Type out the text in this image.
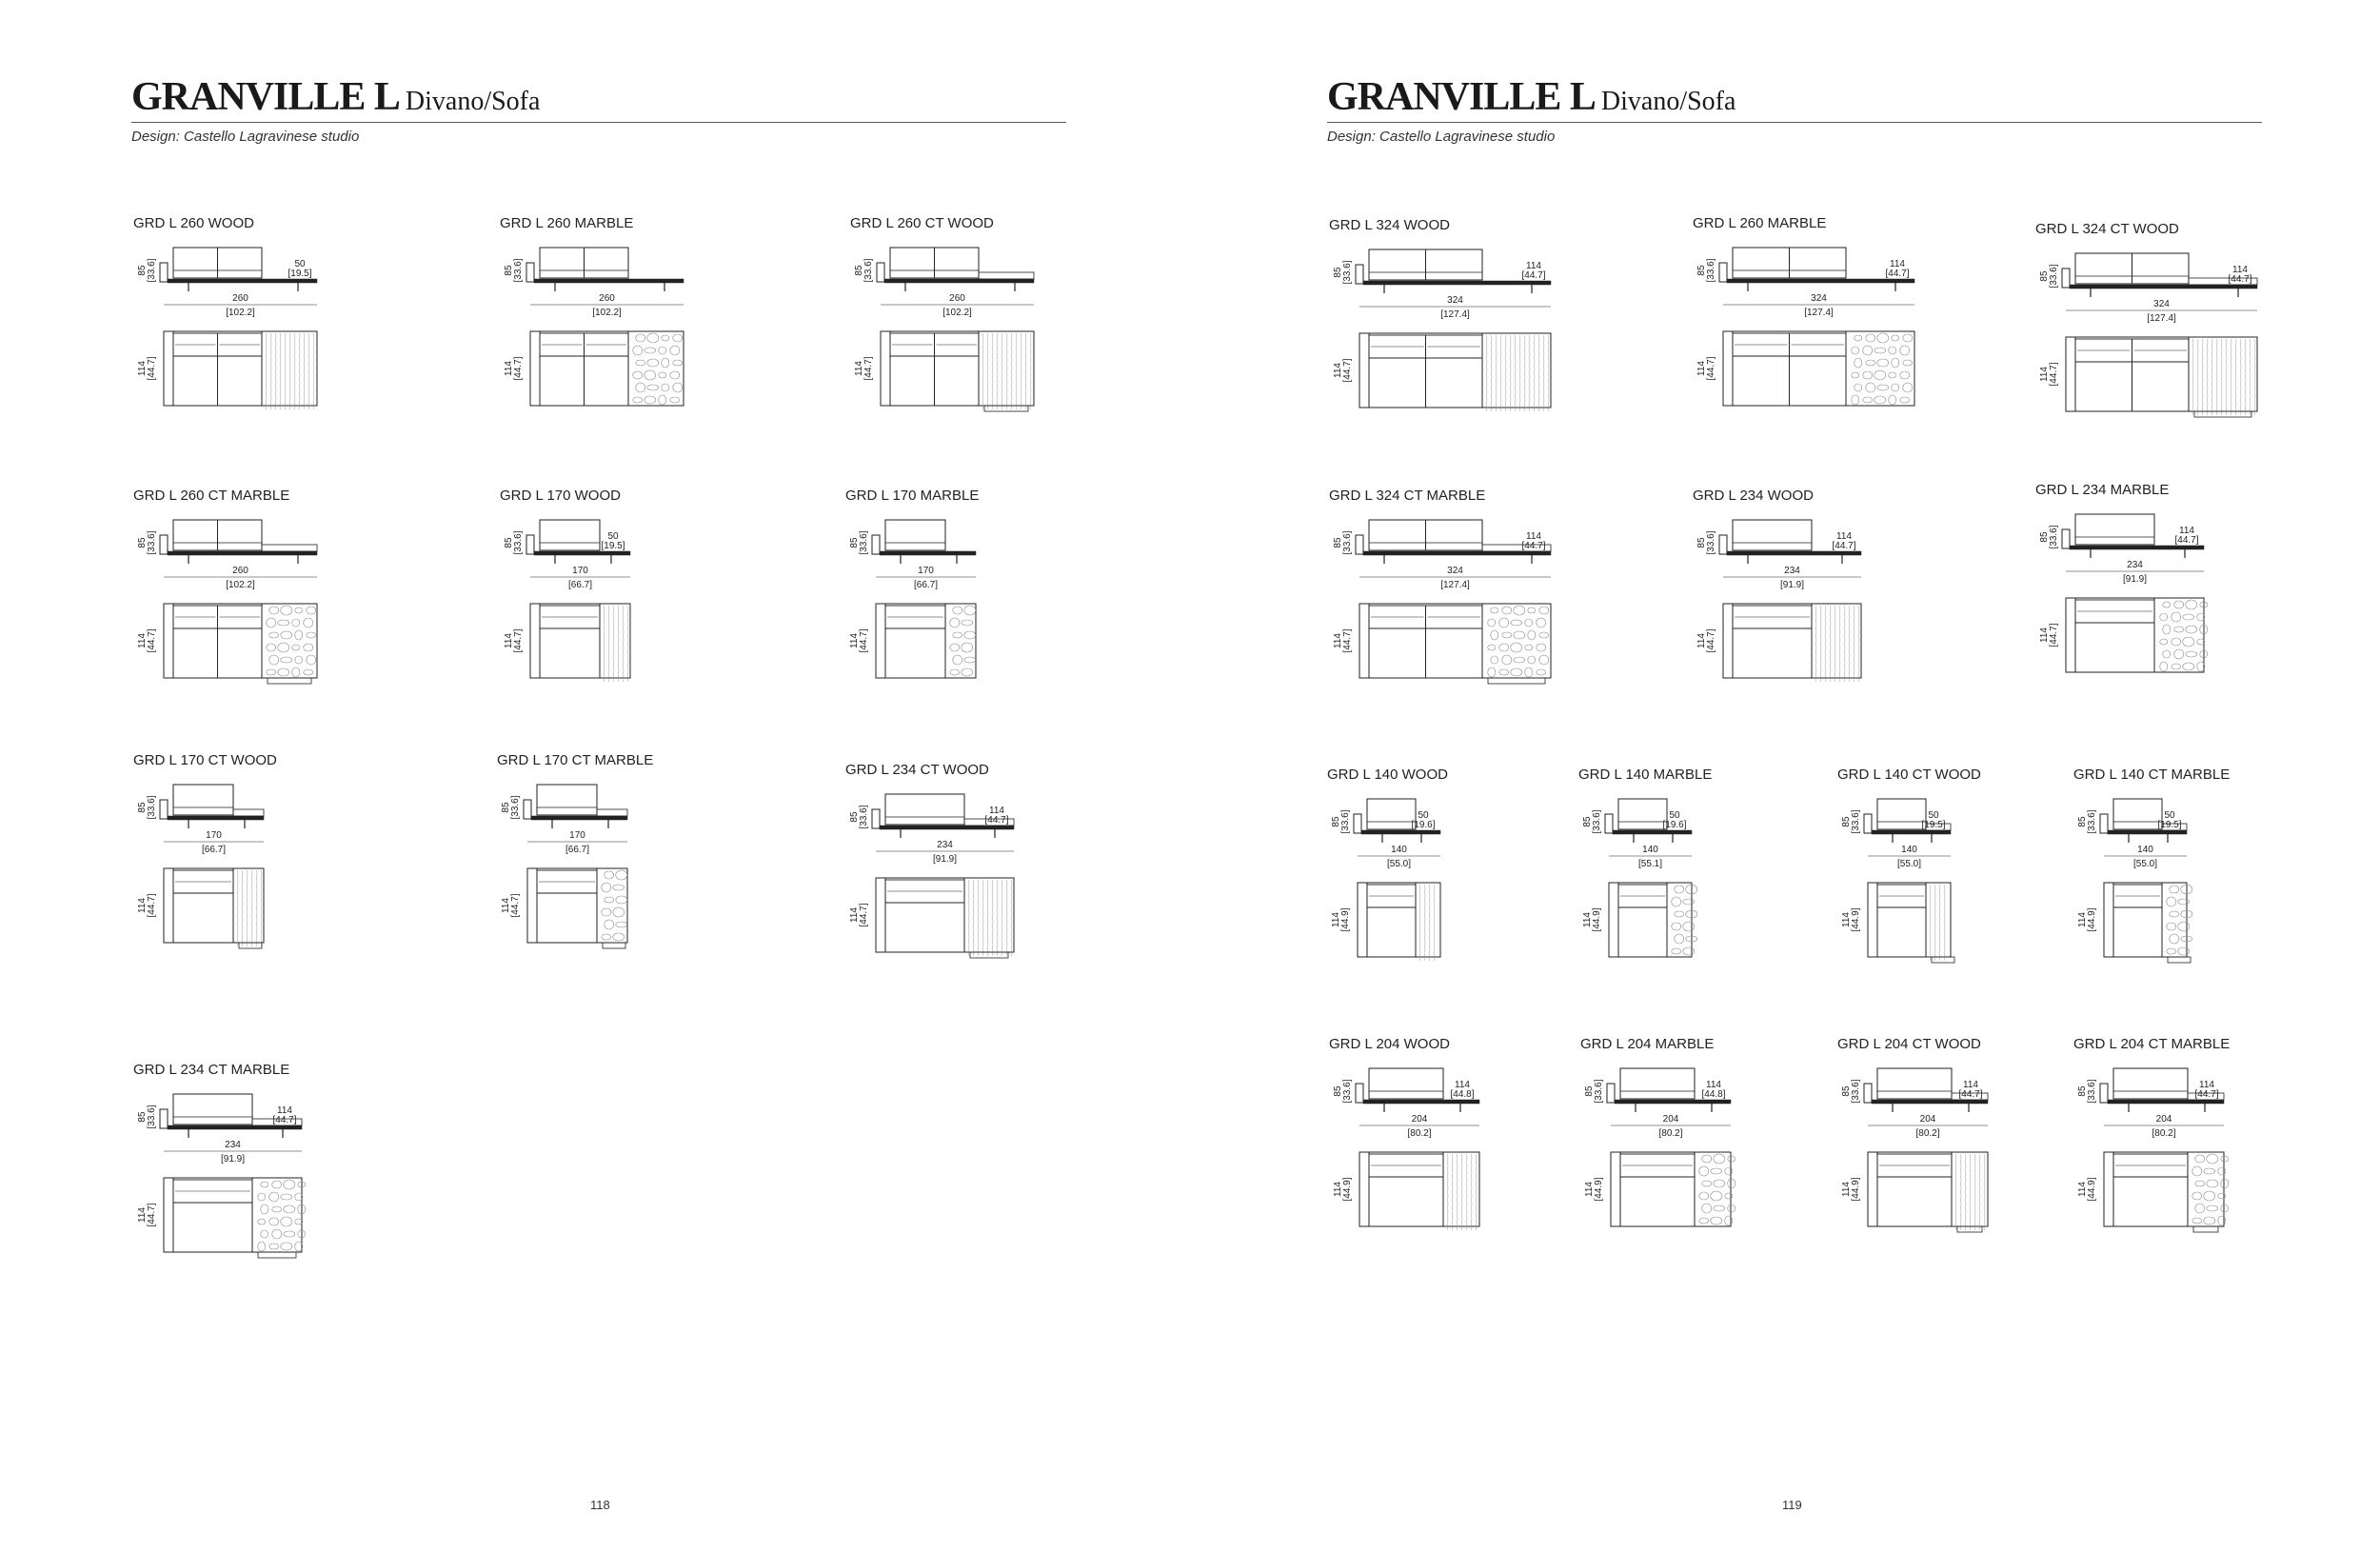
GRANVILLE L Divano/Sofa
Design: Castello Lagravinese studio
GRD L 260 WOOD
85 [33.6]	50
[19.5]
260
[102.2]
114 [44.7]
GRD L 260 MARBLE
85 [33.6]
260
[102.2]
114 [44.7]
GRD L 260 CT WOOD
85 [33.6]
260
[102.2]
114 [44.7]
GRD L 260 CT MARBLE
85 [33.6]
260
[102.2]
114 [44.7]
GRD L 170 WOOD
85 [33.6]	50
[19.5]
170
[66.7]
114 [44.7]
GRD L 170 MARBLE
85 [33.6]
170
[66.7]
114 [44.7]
GRD L 170 CT WOOD
85 [33.6]
170
[66.7]
114 [44.7]
GRD L 170 CT MARBLE
85 [33.6]
170
[66.7]
114 [44.7]
GRD L 234 CT WOOD
85 [33.6]	114
[44.7]
234
[91.9]
114 [44.7]
GRD L 234 CT MARBLE
85 [33.6]	114
[44.7]
234
[91.9]
114 [44.7]
118
GRANVILLE L Divano/Sofa
Design: Castello Lagravinese studio
GRD L 324 WOOD
85 [33.6]	114
[44.7]
324
[127.4]
114 [44.7]
GRD L 260 MARBLE
85 [33.6]	114
[44.7]
324
[127.4]
114 [44.7]
GRD L 324 CT WOOD
85 [33.6]	114
[44.7]
324
[127.4]
114 [44.7]
GRD L 324 CT MARBLE
85 [33.6]	114
[44.7]
324
[127.4]
114 [44.7]
GRD L 234 WOOD
85 [33.6]	114
[44.7]
234
[91.9]
114 [44.7]
GRD L 234 MARBLE
85 [33.6]	114
[44.7]
234
[91.9]
114 [44.7]
GRD L 140 WOOD
85 [33.6]	50
[19.6]
140
[55.0]
114 [44.9]
GRD L 140 MARBLE
85 [33.6]	50
[19.6]
140
[55.1]
114 [44.9]
GRD L 140 CT WOOD
85 [33.6]	50
[19.5]
140
[55.0]
114 [44.9]
GRD L 140 CT MARBLE
85 [33.6]	50
[19.5]
140
[55.0]
114 [44.9]
GRD L 204 WOOD
85 [33.6]	114
[44.8]
204
[80.2]
114 [44.9]
GRD L 204 MARBLE
85 [33.6]	114
[44.8]
204
[80.2]
114 [44.9]
GRD L 204 CT WOOD
85 [33.6]	114
[44.7]
204
[80.2]
114 [44.9]
GRD L 204 CT MARBLE
85 [33.6]	114
[44.7]
204
[80.2]
114 [44.9]
119
